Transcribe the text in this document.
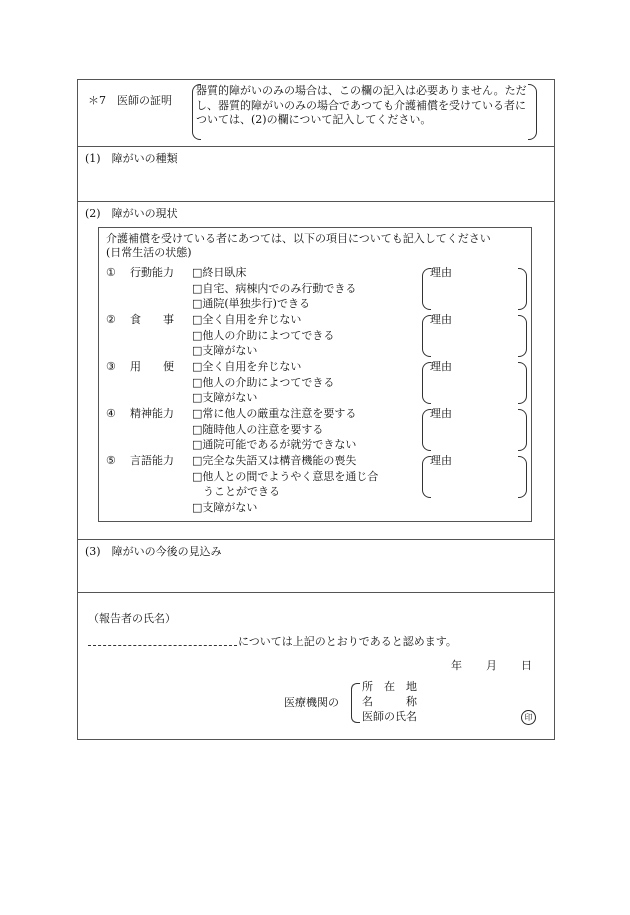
＊7　医師の証明
器質的障がいのみの場合は、この欄の記入は必要ありません。ただし、器質的障がいのみの場合であつても介護補償を受けている者については、(2)の欄について記入してください。
(1)　障がいの種類
(2)　障がいの現状
介護補償を受けている者にあつては、以下の項目についても記入してください
(日常生活の状態)
① 行動能力 □終日臥床
□自宅、病棟内でのみ行動できる
□通院(単独歩行)できる
理由
② 食　　事 □全く自用を弁じない
□他人の介助によつてできる
□支障がない
理由
③ 用　　便 □全く自用を弁じない
□他人の介助によつてできる
□支障がない
理由
④ 精神能力 □常に他人の厳重な注意を要する
□随時他人の注意を要する
□通院可能であるが就労できない
理由
⑤ 言語能力 □完全な失語又は構音機能の喪失
□他人との間でようやく意思を通じ合
　うことができる
□支障がない
理由
(3)　障がいの今後の見込み
（報告者の氏名）
については上記のとおりであると認めます。
年 月 日
医療機関の
所　在　地
名　　　称
医師の氏名	印
